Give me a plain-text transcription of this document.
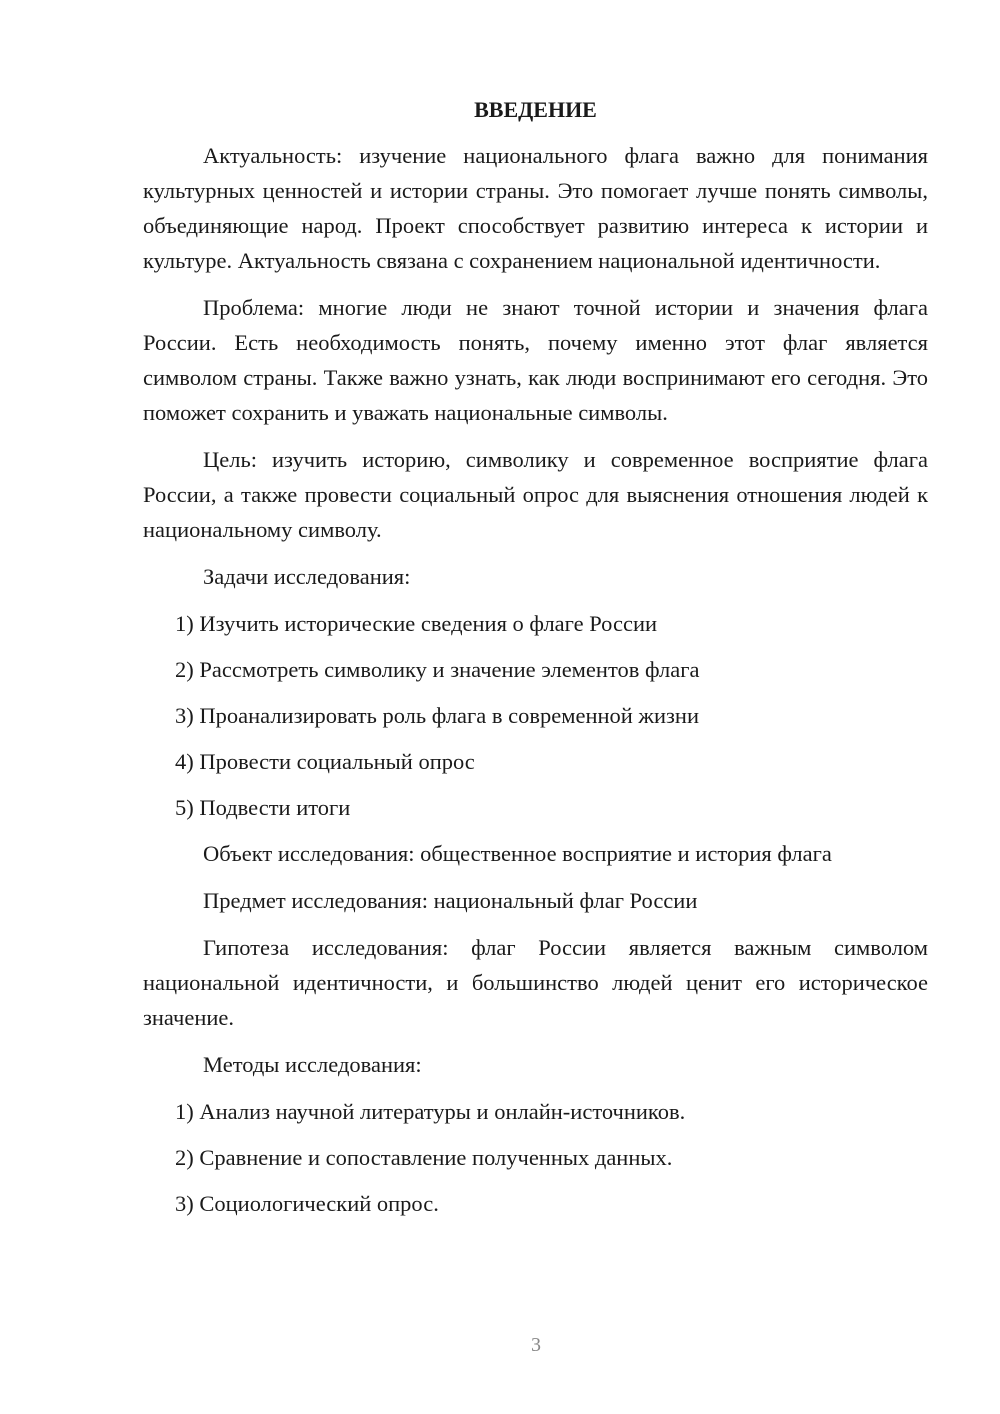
ВВЕДЕНИЕ

Актуальность: изучение национального флага важно для понимания культурных ценностей и истории страны. Это помогает лучше понять символы, объединяющие народ. Проект способствует развитию интереса к истории и культуре. Актуальность связана с сохранением национальной идентичности.

Проблема: многие люди не знают точной истории и значения флага России. Есть необходимость понять, почему именно этот флаг является символом страны. Также важно узнать, как люди воспринимают его сегодня. Это поможет сохранить и уважать национальные символы.

Цель: изучить историю, символику и современное восприятие флага России, а также провести социальный опрос для выяснения отношения людей к национальному символу.

Задачи исследования:

1) Изучить исторические сведения о флаге России
2) Рассмотреть символику и значение элементов флага
3) Проанализировать роль флага в современной жизни
4) Провести социальный опрос
5) Подвести итоги

Объект исследования: общественное восприятие и история флага

Предмет исследования: национальный флаг России

Гипотеза исследования: флаг России является важным символом национальной идентичности, и большинство людей ценит его историческое значение.

Методы исследования:

1) Анализ научной литературы и онлайн-источников.
2) Сравнение и сопоставление полученных данных.
3) Социологический опрос.
3
